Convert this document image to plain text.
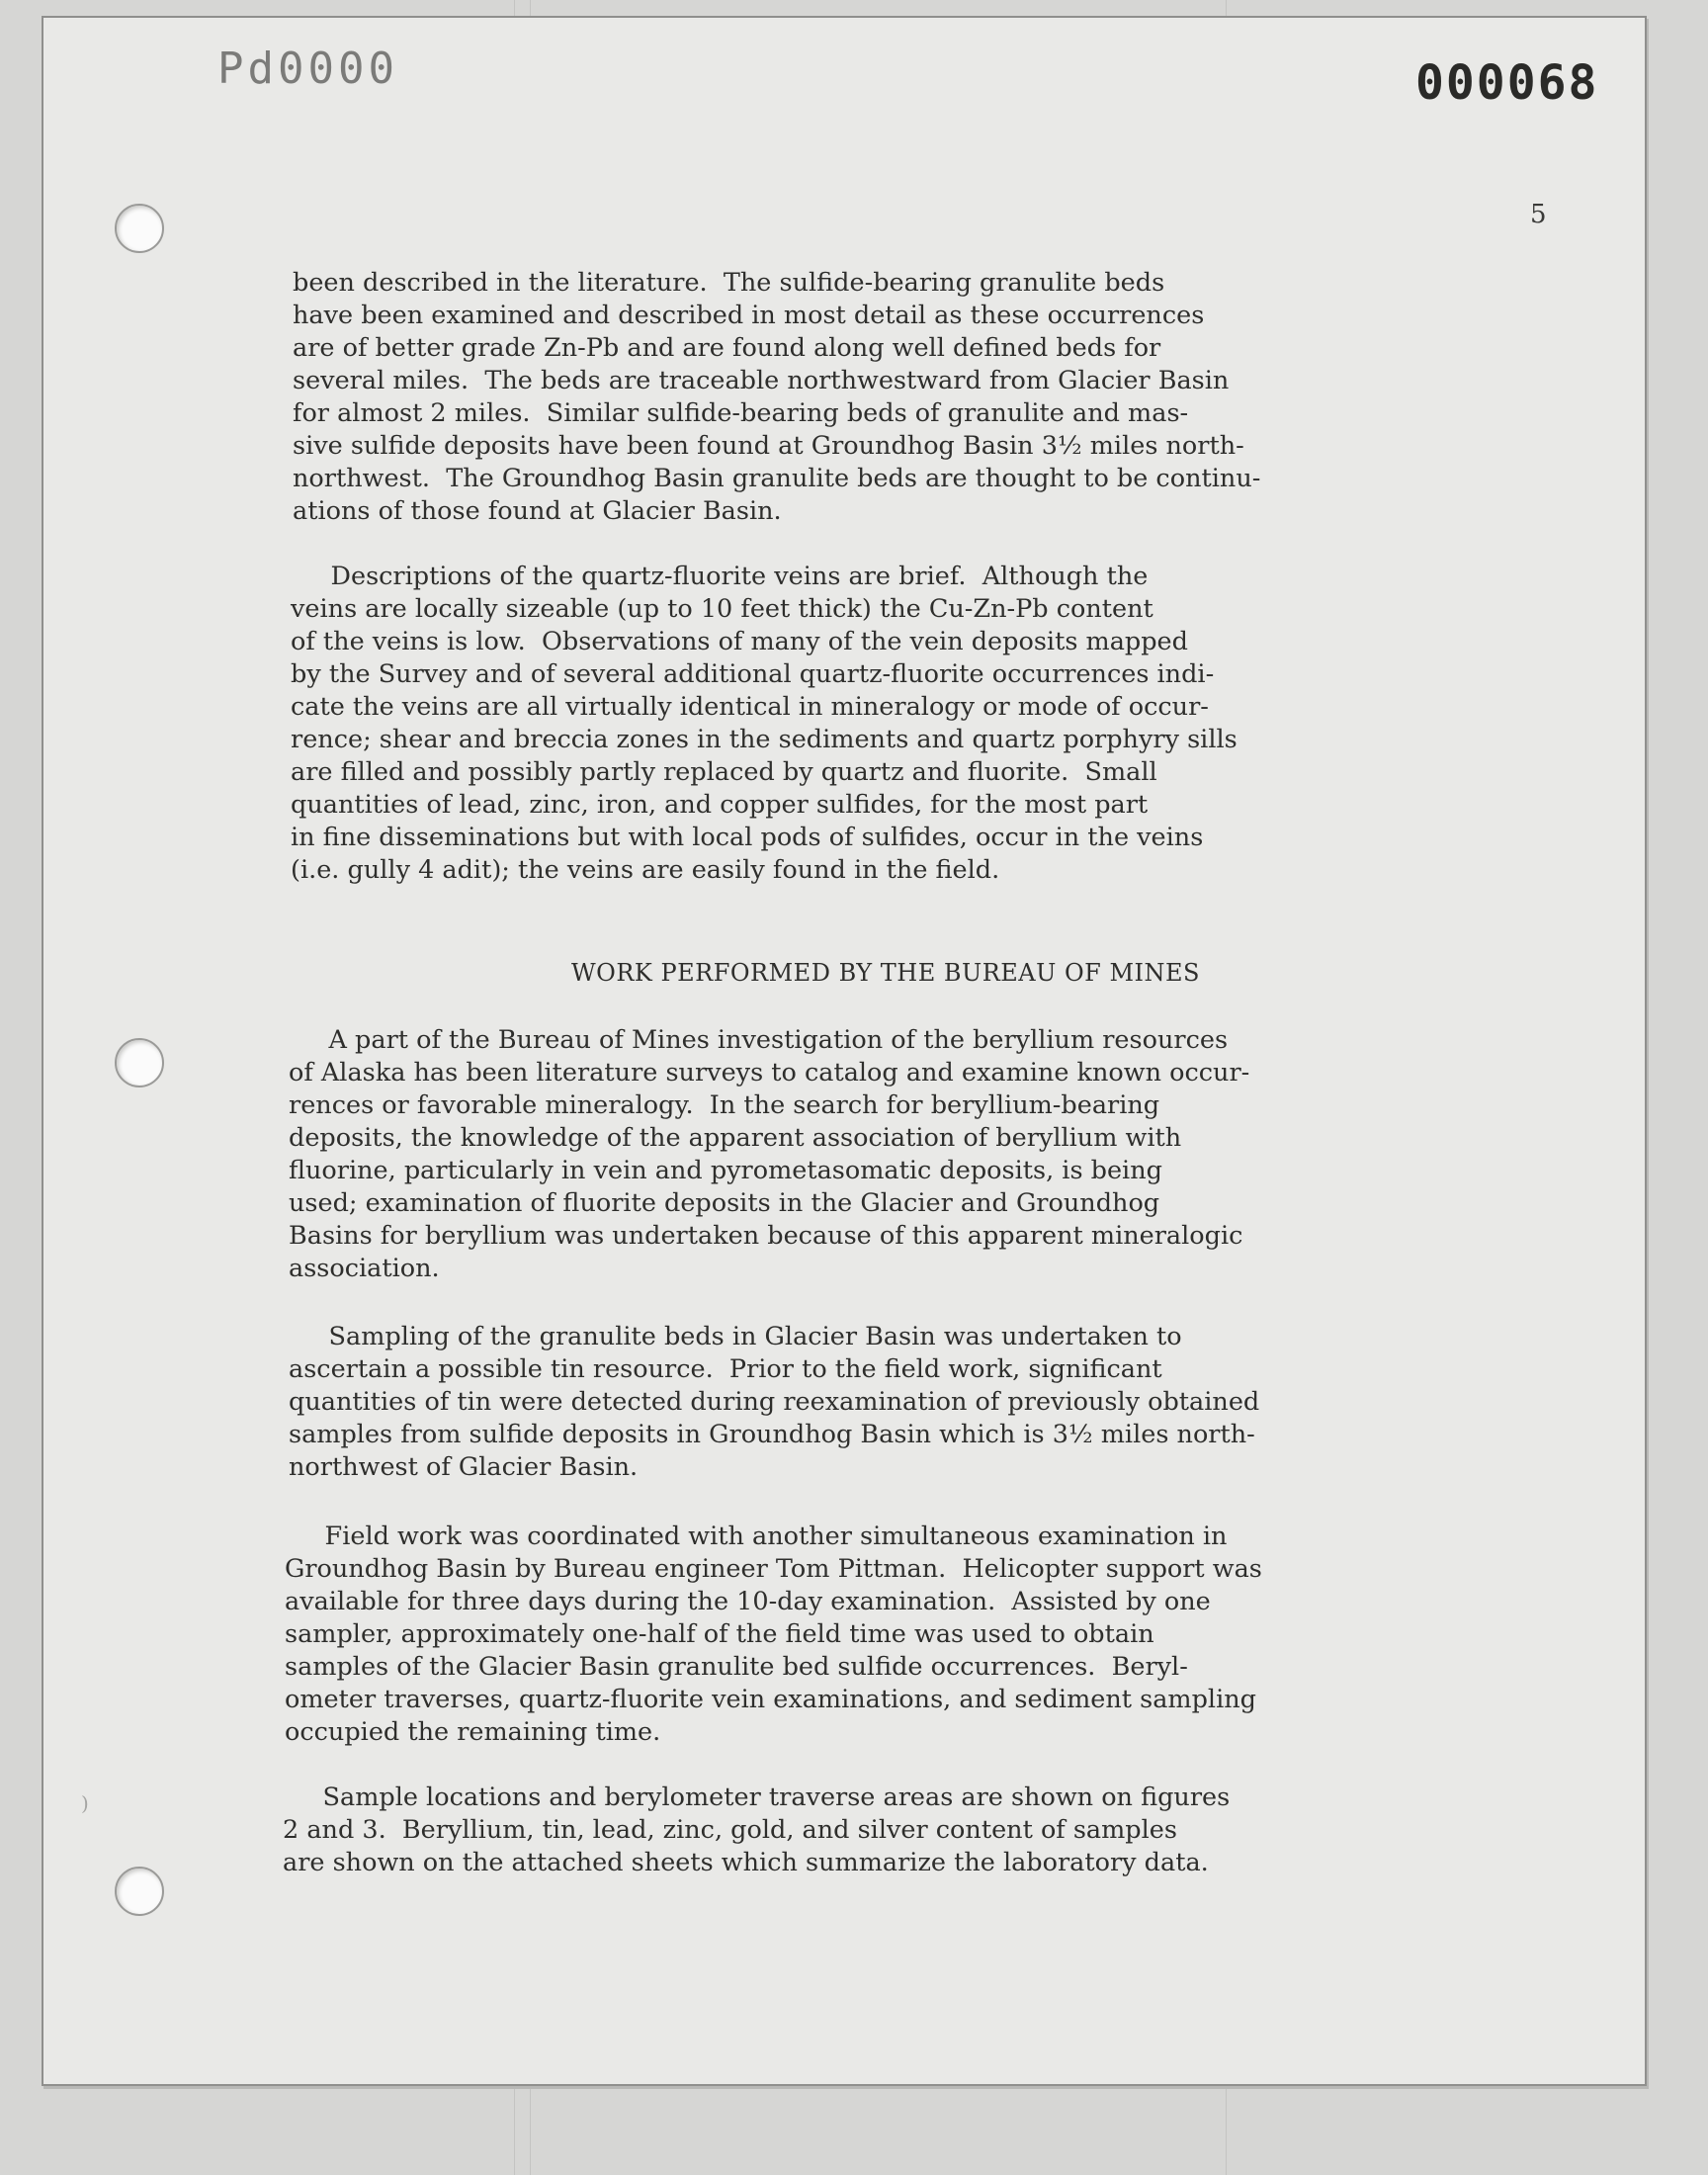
Pd0000	000068
5
been described in the literature.  The sulfide-bearing granulite beds
have been examined and described in most detail as these occurrences
are of better grade Zn-Pb and are found along well defined beds for
several miles.  The beds are traceable northwestward from Glacier Basin
for almost 2 miles.  Similar sulfide-bearing beds of granulite and mas-
sive sulfide deposits have been found at Groundhog Basin 3½ miles north-
northwest.  The Groundhog Basin granulite beds are thought to be continu-
ations of those found at Glacier Basin.
Descriptions of the quartz-fluorite veins are brief.  Although the
veins are locally sizeable (up to 10 feet thick) the Cu-Zn-Pb content
of the veins is low.  Observations of many of the vein deposits mapped
by the Survey and of several additional quartz-fluorite occurrences indi-
cate the veins are all virtually identical in mineralogy or mode of occur-
rence; shear and breccia zones in the sediments and quartz porphyry sills
are filled and possibly partly replaced by quartz and fluorite.  Small
quantities of lead, zinc, iron, and copper sulfides, for the most part
in fine disseminations but with local pods of sulfides, occur in the veins
(i.e. gully 4 adit); the veins are easily found in the field.
WORK PERFORMED BY THE BUREAU OF MINES
A part of the Bureau of Mines investigation of the beryllium resources
of Alaska has been literature surveys to catalog and examine known occur-
rences or favorable mineralogy.  In the search for beryllium-bearing
deposits, the knowledge of the apparent association of beryllium with
fluorine, particularly in vein and pyrometasomatic deposits, is being
used; examination of fluorite deposits in the Glacier and Groundhog
Basins for beryllium was undertaken because of this apparent mineralogic
association.
Sampling of the granulite beds in Glacier Basin was undertaken to
ascertain a possible tin resource.  Prior to the field work, significant
quantities of tin were detected during reexamination of previously obtained
samples from sulfide deposits in Groundhog Basin which is 3½ miles north-
northwest of Glacier Basin.
Field work was coordinated with another simultaneous examination in
Groundhog Basin by Bureau engineer Tom Pittman.  Helicopter support was
available for three days during the 10-day examination.  Assisted by one
sampler, approximately one-half of the field time was used to obtain
samples of the Glacier Basin granulite bed sulfide occurrences.  Beryl-
ometer traverses, quartz-fluorite vein examinations, and sediment sampling
occupied the remaining time.
Sample locations and berylometer traverse areas are shown on figures
2 and 3.  Beryllium, tin, lead, zinc, gold, and silver content of samples
are shown on the attached sheets which summarize the laboratory data.
)
